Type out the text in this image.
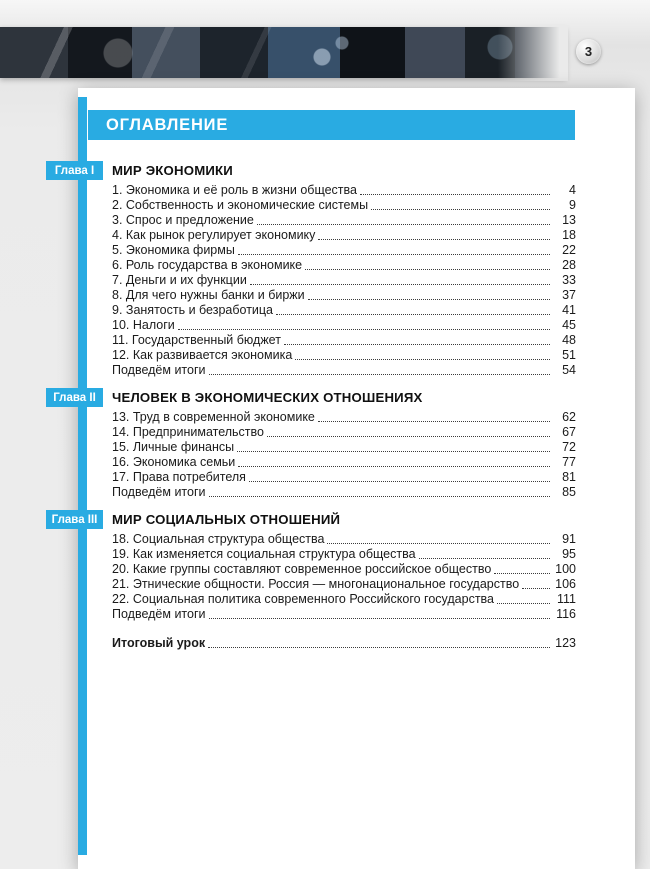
3
ОГЛАВЛЕНИЕ
Глава I	МИР ЭКОНОМИКИ
1. Экономика и её роль в жизни общества	4
2. Собственность и экономические системы	9
3. Спрос и предложение	13
4. Как рынок регулирует экономику	18
5. Экономика фирмы	22
6. Роль государства в экономике	28
7. Деньги и их функции	33
8. Для чего нужны банки и биржи	37
9. Занятость и безработица	41
10. Налоги	45
11. Государственный бюджет	48
12. Как развивается экономика	51
Подведём итоги	54
Глава II	ЧЕЛОВЕК В ЭКОНОМИЧЕСКИХ ОТНОШЕНИЯХ
13. Труд в современной экономике	62
14. Предпринимательство	67
15. Личные финансы	72
16. Экономика семьи	77
17. Права потребителя	81
Подведём итоги	85
Глава III	МИР СОЦИАЛЬНЫХ ОТНОШЕНИЙ
18. Социальная структура общества	91
19. Как изменяется социальная структура общества	95
20. Какие группы составляют современное российское общество	100
21. Этнические общности. Россия — многонациональное государство	106
22. Социальная политика современного Российского государства	111
Подведём итоги	116
Итоговый урок	123
